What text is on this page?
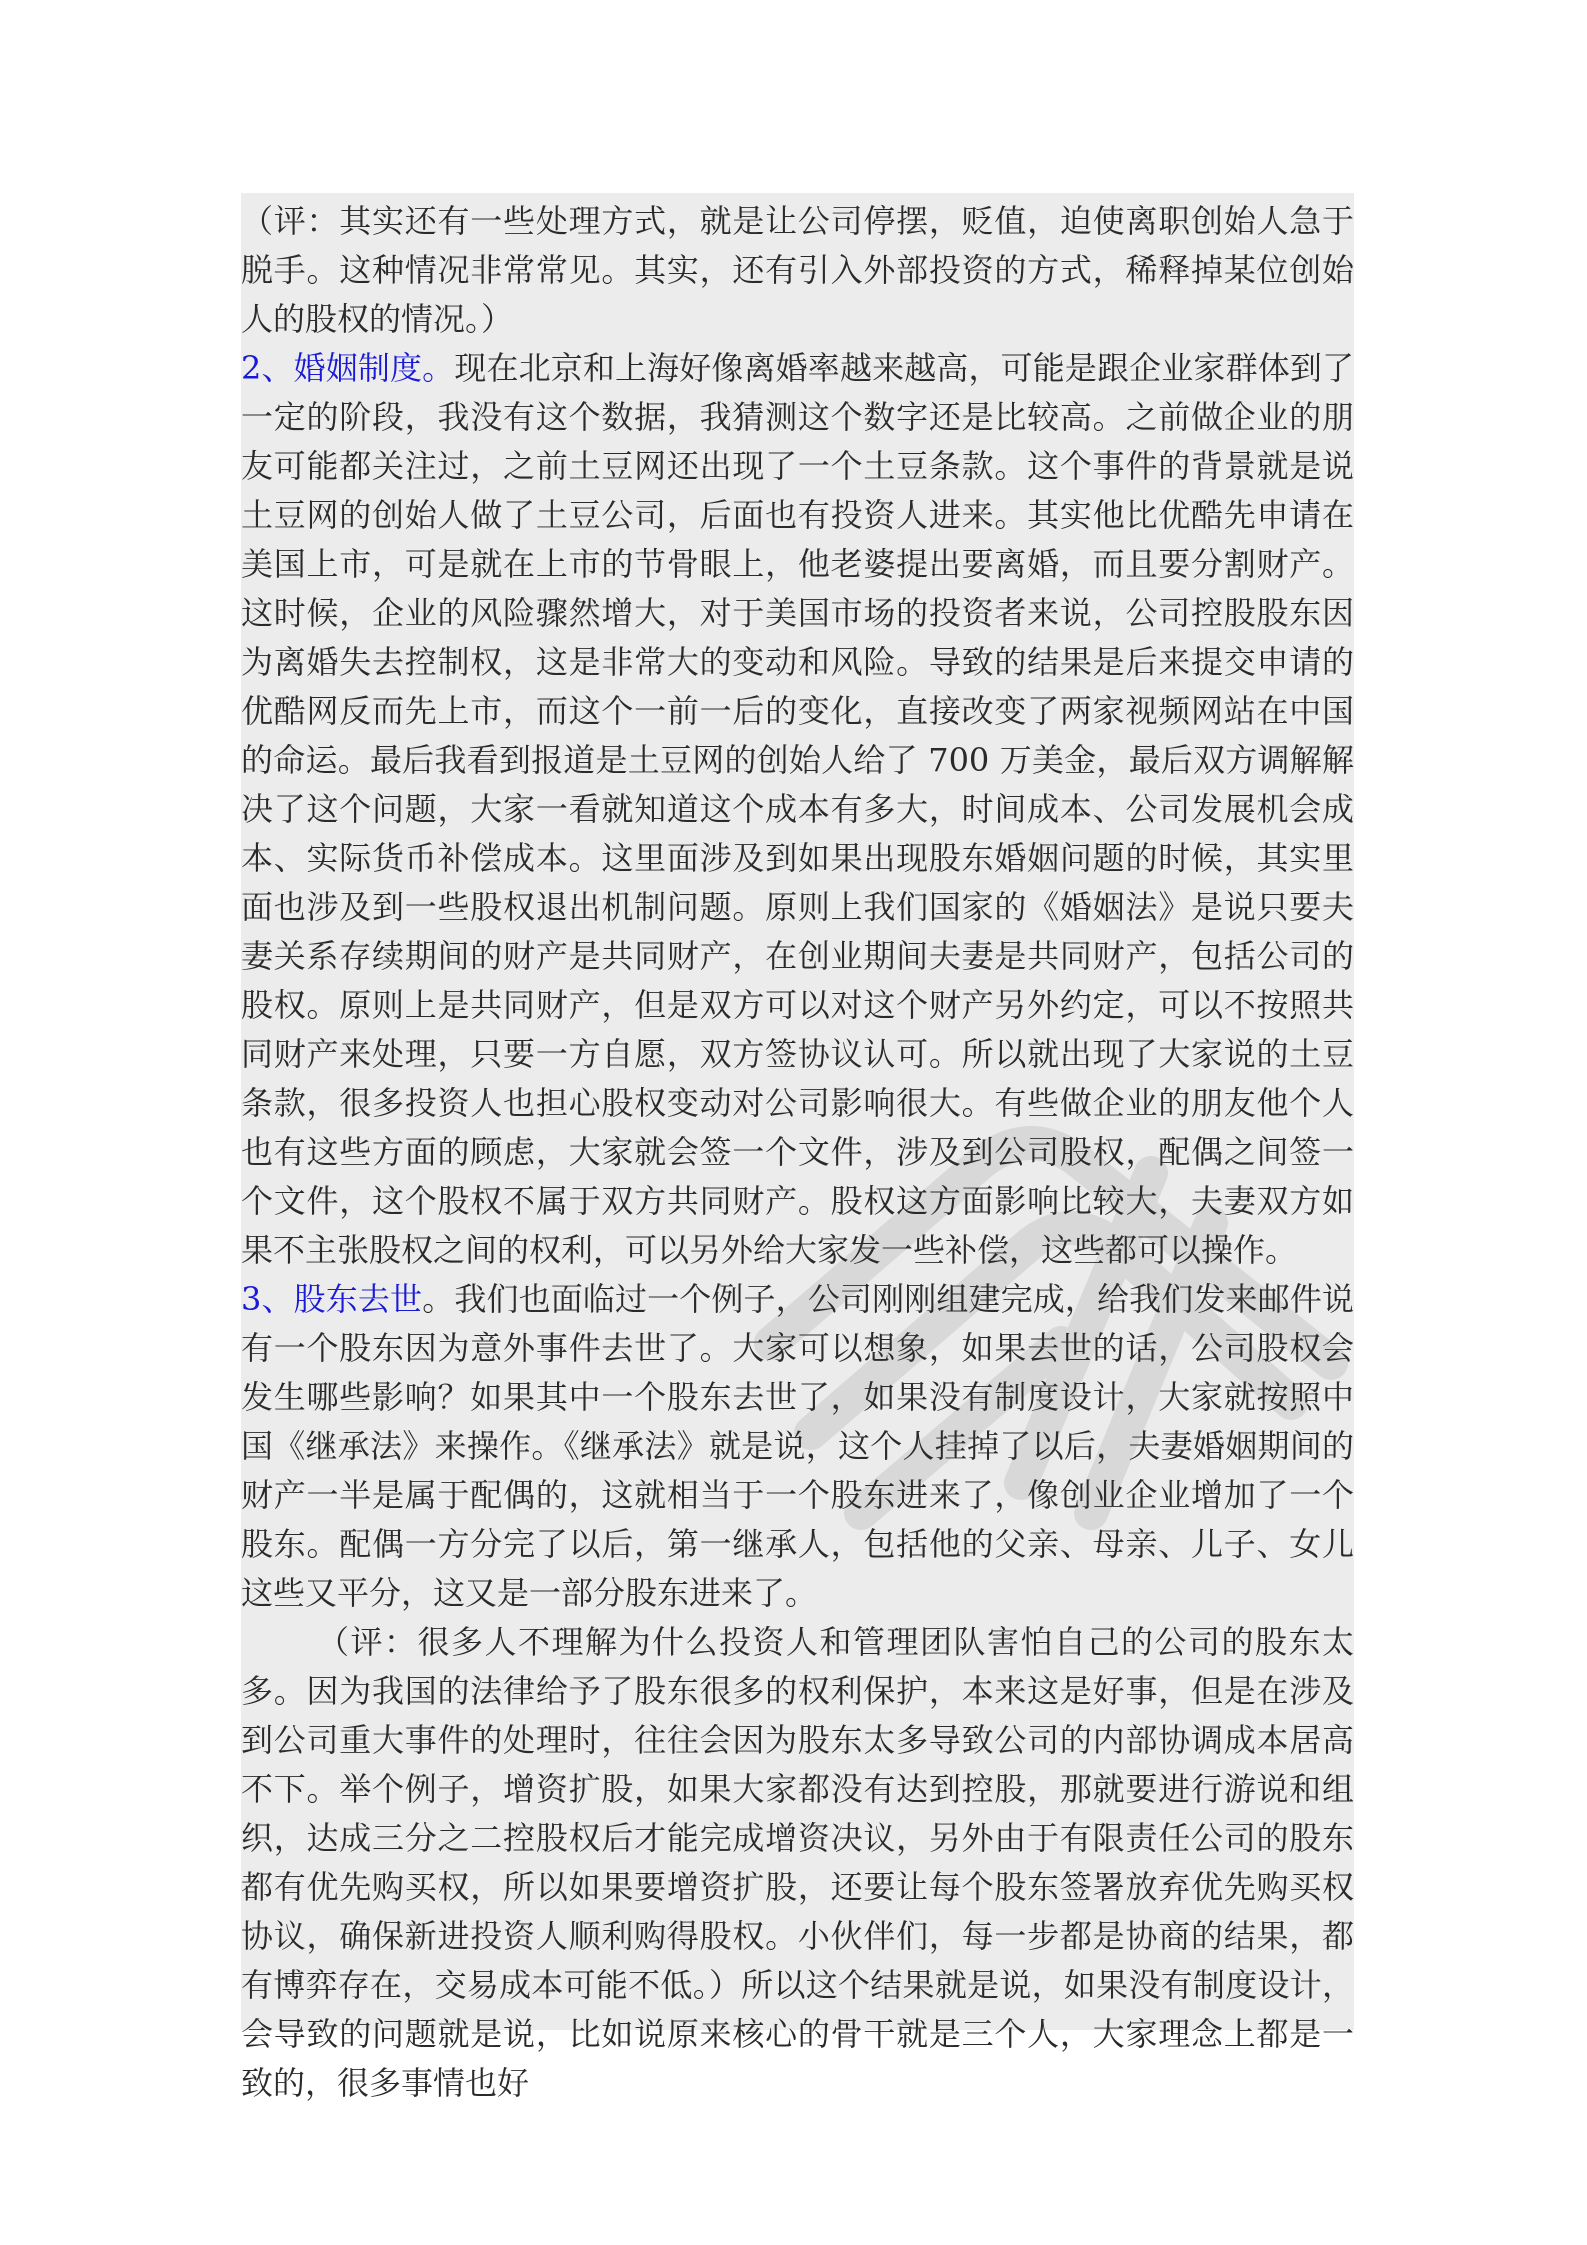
（评：其实还有一些处理方式，就是让公司停摆，贬值，迫使离职创始人急于脱手。这种情况非常常见。其实，还有引入外部投资的方式，稀释掉某位创始人的股权的情况。）

2、婚姻制度。现在北京和上海好像离婚率越来越高，可能是跟企业家群体到了一定的阶段，我没有这个数据，我猜测这个数字还是比较高。之前做企业的朋友可能都关注过，之前土豆网还出现了一个土豆条款。这个事件的背景就是说土豆网的创始人做了土豆公司，后面也有投资人进来。其实他比优酷先申请在美国上市，可是就在上市的节骨眼上，他老婆提出要离婚，而且要分割财产。这时候，企业的风险骤然增大，对于美国市场的投资者来说，公司控股股东因为离婚失去控制权，这是非常大的变动和风险。导致的结果是后来提交申请的优酷网反而先上市，而这个一前一后的变化，直接改变了两家视频网站在中国的命运。最后我看到报道是土豆网的创始人给了 700 万美金，最后双方调解解决了这个问题，大家一看就知道这个成本有多大，时间成本、公司发展机会成本、实际货币补偿成本。这里面涉及到如果出现股东婚姻问题的时候，其实里面也涉及到一些股权退出机制问题。原则上我们国家的《婚姻法》是说只要夫妻关系存续期间的财产是共同财产，在创业期间夫妻是共同财产，包括公司的股权。原则上是共同财产，但是双方可以对这个财产另外约定，可以不按照共同财产来处理，只要一方自愿，双方签协议认可。所以就出现了大家说的土豆条款，很多投资人也担心股权变动对公司影响很大。有些做企业的朋友他个人也有这些方面的顾虑，大家就会签一个文件，涉及到公司股权，配偶之间签一个文件，这个股权不属于双方共同财产。股权这方面影响比较大，夫妻双方如果不主张股权之间的权利，可以另外给大家发一些补偿，这些都可以操作。

3、股东去世。我们也面临过一个例子，公司刚刚组建完成，给我们发来邮件说有一个股东因为意外事件去世了。大家可以想象，如果去世的话，公司股权会发生哪些影响？如果其中一个股东去世了，如果没有制度设计，大家就按照中国《继承法》来操作。《继承法》就是说，这个人挂掉了以后，夫妻婚姻期间的财产一半是属于配偶的，这就相当于一个股东进来了，像创业企业增加了一个股东。配偶一方分完了以后，第一继承人，包括他的父亲、母亲、儿子、女儿这些又平分，这又是一部分股东进来了。

（评：很多人不理解为什么投资人和管理团队害怕自己的公司的股东太多。因为我国的法律给予了股东很多的权利保护，本来这是好事，但是在涉及到公司重大事件的处理时，往往会因为股东太多导致公司的内部协调成本居高不下。举个例子，增资扩股，如果大家都没有达到控股，那就要进行游说和组织，达成三分之二控股权后才能完成增资决议，另外由于有限责任公司的股东都有优先购买权，所以如果要增资扩股，还要让每个股东签署放弃优先购买权协议，确保新进投资人顺利购得股权。小伙伴们，每一步都是协商的结果，都有博弈存在，交易成本可能不低。）所以这个结果就是说，如果没有制度设计，会导致的问题就是说，比如说原来核心的骨干就是三个人，大家理念上都是一致的，很多事情也好
